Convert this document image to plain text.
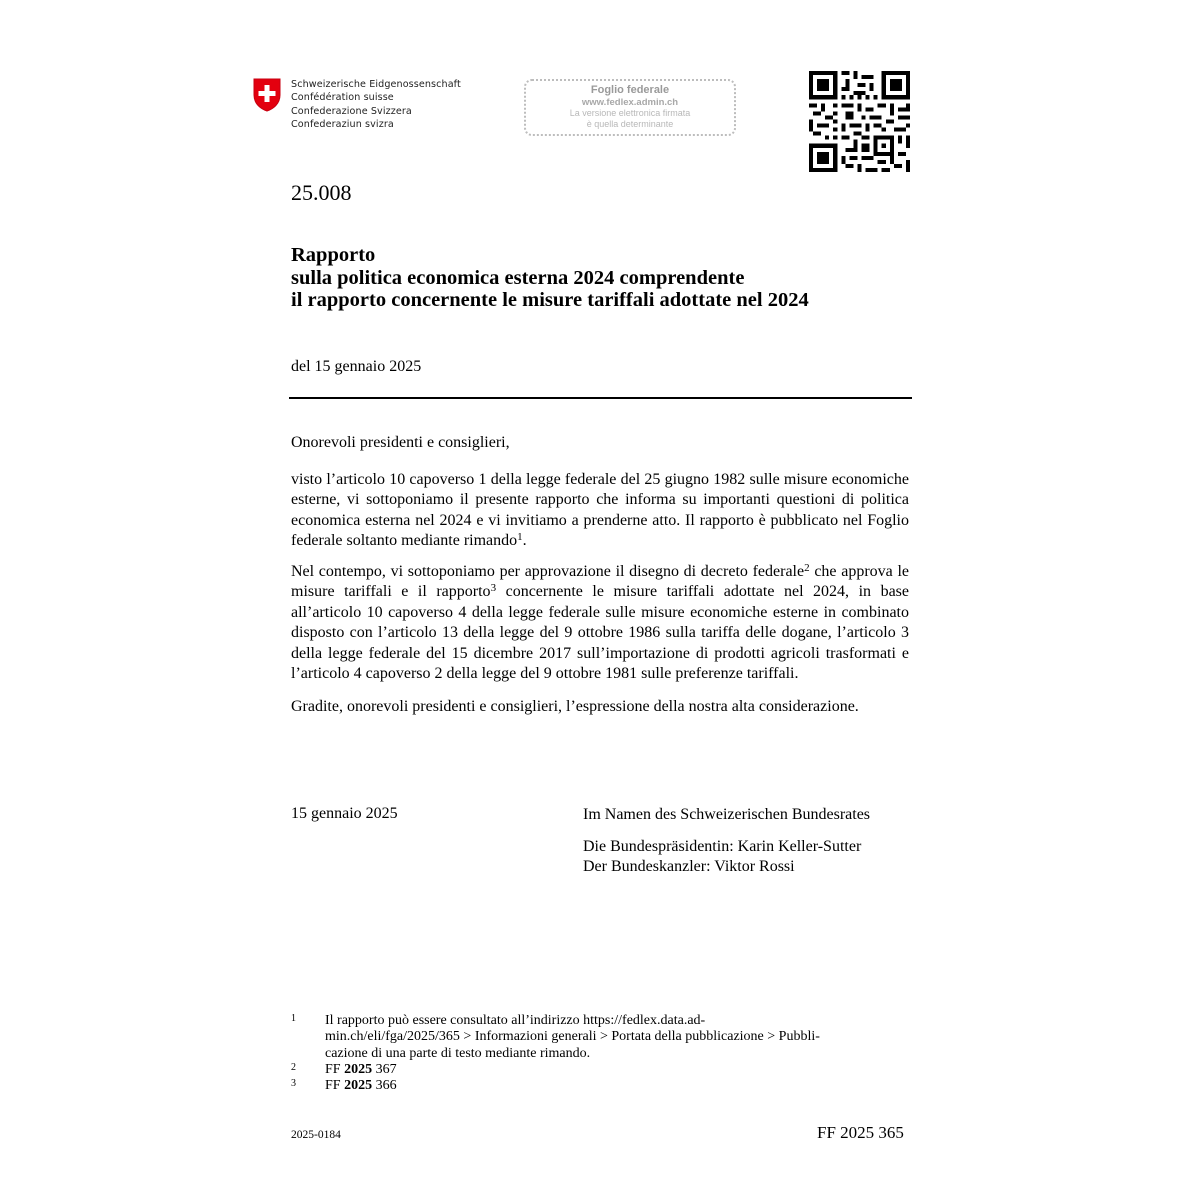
Schweizerische Eidgenossenschaft
Confédération suisse
Confederazione Svizzera
Confederaziun svizra
Foglio federale
www.fedlex.admin.ch
La versione elettronica firmata
è quella determinante
25.008
Rapporto
sulla politica economica esterna 2024 comprendente
il rapporto concernente le misure tariffali adottate nel 2024
del 15 gennaio 2025

Onorevoli presidenti e consiglieri,

visto l’articolo 10 capoverso 1 della legge federale del 25 giugno 1982 sulle misure economiche esterne, vi sottoponiamo il presente rapporto che informa su importanti questioni di politica economica esterna nel 2024 e vi invitiamo a prenderne atto. Il rapporto è pubblicato nel Foglio federale soltanto mediante rimando$^1$.

Nel contempo, vi sottoponiamo per approvazione il disegno di decreto federale$^2$ che approva le misure tariffali e il rapporto$^3$ concernente le misure tariffali adottate nel 2024, in base all’articolo 10 capoverso 4 della legge federale sulle misure economiche esterne in combinato disposto con l’articolo 13 della legge del 9 ottobre 1986 sulla tariffa delle dogane, l’articolo 3 della legge federale del 15 dicembre 2017 sull’importazione di prodotti agricoli trasformati e l’articolo 4 capoverso 2 della legge del 9 ottobre 1981 sulle preferenze tariffali.

Gradite, onorevoli presidenti e consiglieri, l’espressione della nostra alta considerazione.

15 gennaio 2025	Im Namen des Schweizerischen Bundesrates
Die Bundespräsidentin: Karin Keller-Sutter
Der Bundeskanzler: Viktor Rossi
1	Il rapporto può essere consultato all’indirizzo https://fedlex.data.ad-
min.ch/eli/fga/2025/365 > Informazioni generali > Portata della pubblicazione > Pubbli-
cazione di una parte di testo mediante rimando.
2	FF 2025 367
3	FF 2025 366
2025-0184	FF 2025 365
